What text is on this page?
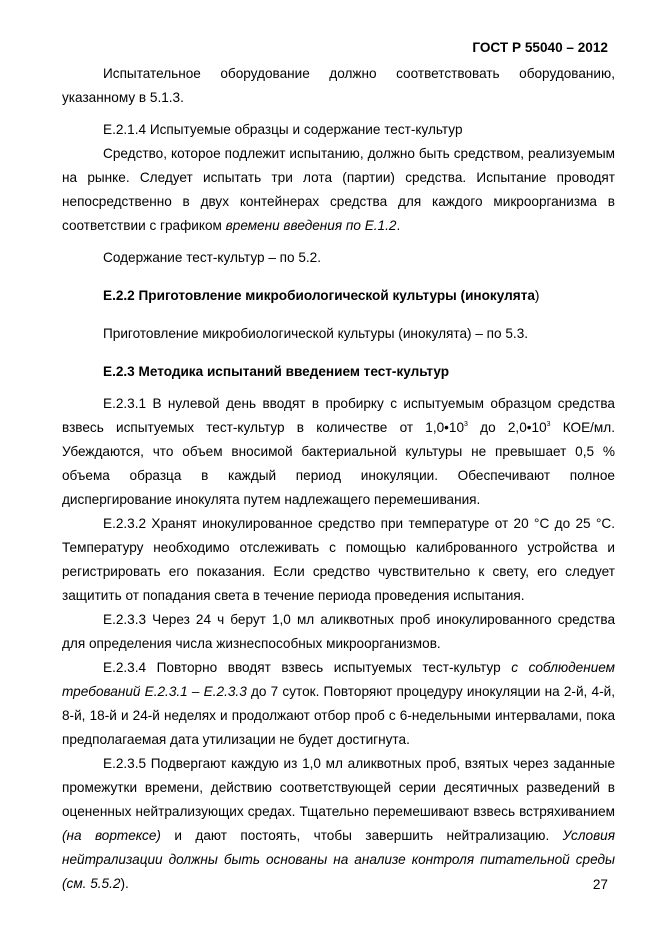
ГОСТ Р 55040 – 2012

Испытательное оборудование должно соответствовать оборудованию, указанному в 5.1.3.

Е.2.1.4 Испытуемые образцы и содержание тест-культур

Средство, которое подлежит испытанию, должно быть средством, реализуемым на рынке. Следует испытать три лота (партии) средства. Испытание проводят непосредственно в двух контейнерах средства для каждого микроорганизма в соответствии с графиком времени введения по Е.1.2.

Содержание тест-культур – по 5.2.

Е.2.2 Приготовление микробиологической культуры (инокулята)

Приготовление микробиологической культуры (инокулята) – по 5.3.

Е.2.3 Методика испытаний введением тест-культур

Е.2.3.1 В нулевой день вводят в пробирку с испытуемым образцом средства взвесь испытуемых тест-культур в количестве от $1,0•10^3$ до $2,0•10^3$ КОЕ/мл. Убеждаются, что объем вносимой бактериальной культуры не превышает 0,5 % объема образца в каждый период инокуляции. Обеспечивают полное диспергирование инокулята путем надлежащего перемешивания.

Е.2.3.2 Хранят инокулированное средство при температуре от 20 °С до 25 °С. Температуру необходимо отслеживать с помощью калиброванного устройства и регистрировать его показания. Если средство чувствительно к свету, его следует защитить от попадания света в течение периода проведения испытания.

Е.2.3.3 Через 24 ч берут 1,0 мл аликвотных проб инокулированного средства для определения числа жизнеспособных микроорганизмов.

Е.2.3.4 Повторно вводят взвесь испытуемых тест-культур с соблюдением требований Е.2.3.1 – Е.2.3.3 до 7 суток. Повторяют процедуру инокуляции на 2-й, 4-й, 8-й, 18-й и 24-й неделях и продолжают отбор проб с 6-недельными интервалами, пока предполагаемая дата утилизации не будет достигнута.

Е.2.3.5 Подвергают каждую из 1,0 мл аликвотных проб, взятых через заданные промежутки времени, действию соответствующей серии десятичных разведений в оцененных нейтрализующих средах. Тщательно перемешивают взвесь встряхиванием (на вортексе) и дают постоять, чтобы завершить нейтрализацию. Условия нейтрализации должны быть основаны на анализе контроля питательной среды (см. 5.5.2).	27
